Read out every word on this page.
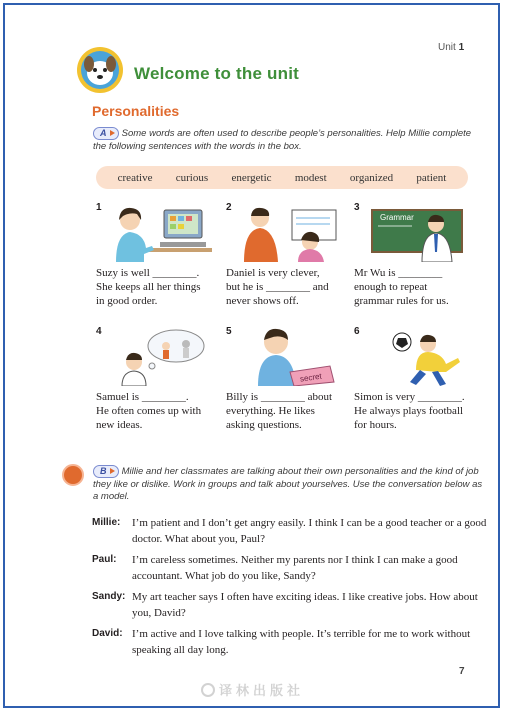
Unit 1
Welcome to the unit
Personalities
A Some words are often used to describe people’s personalities. Help Millie complete the following sentences with the words in the box.
creative curious energetic modest organized patient
1
Suzy is well ________.
She keeps all her things
in good order.
2
Daniel is very clever,
but he is ________ and
never shows off.
3
Grammar
Mr Wu is ________
enough to repeat
grammar rules for us.
4
Samuel is ________.
He often comes up with
new ideas.
5
secret
Billy is ________ about
everything. He likes
asking questions.
6
Simon is very ________.
He always plays football
for hours.
B Millie and her classmates are talking about their own personalities and the kind of job they like or dislike. Work in groups and talk about yourselves. Use the conversation below as a model.
Millie: I’m patient and I don’t get angry easily. I think I can be a good teacher or a good doctor. What about you, Paul?
Paul: I’m careless sometimes. Neither my parents nor I think I can make a good accountant. What job do you like, Sandy?
Sandy: My art teacher says I often have exciting ideas. I like creative jobs. How about you, David?
David: I’m active and I love talking with people. It’s terrible for me to work without speaking all day long.
7
译林出版社
